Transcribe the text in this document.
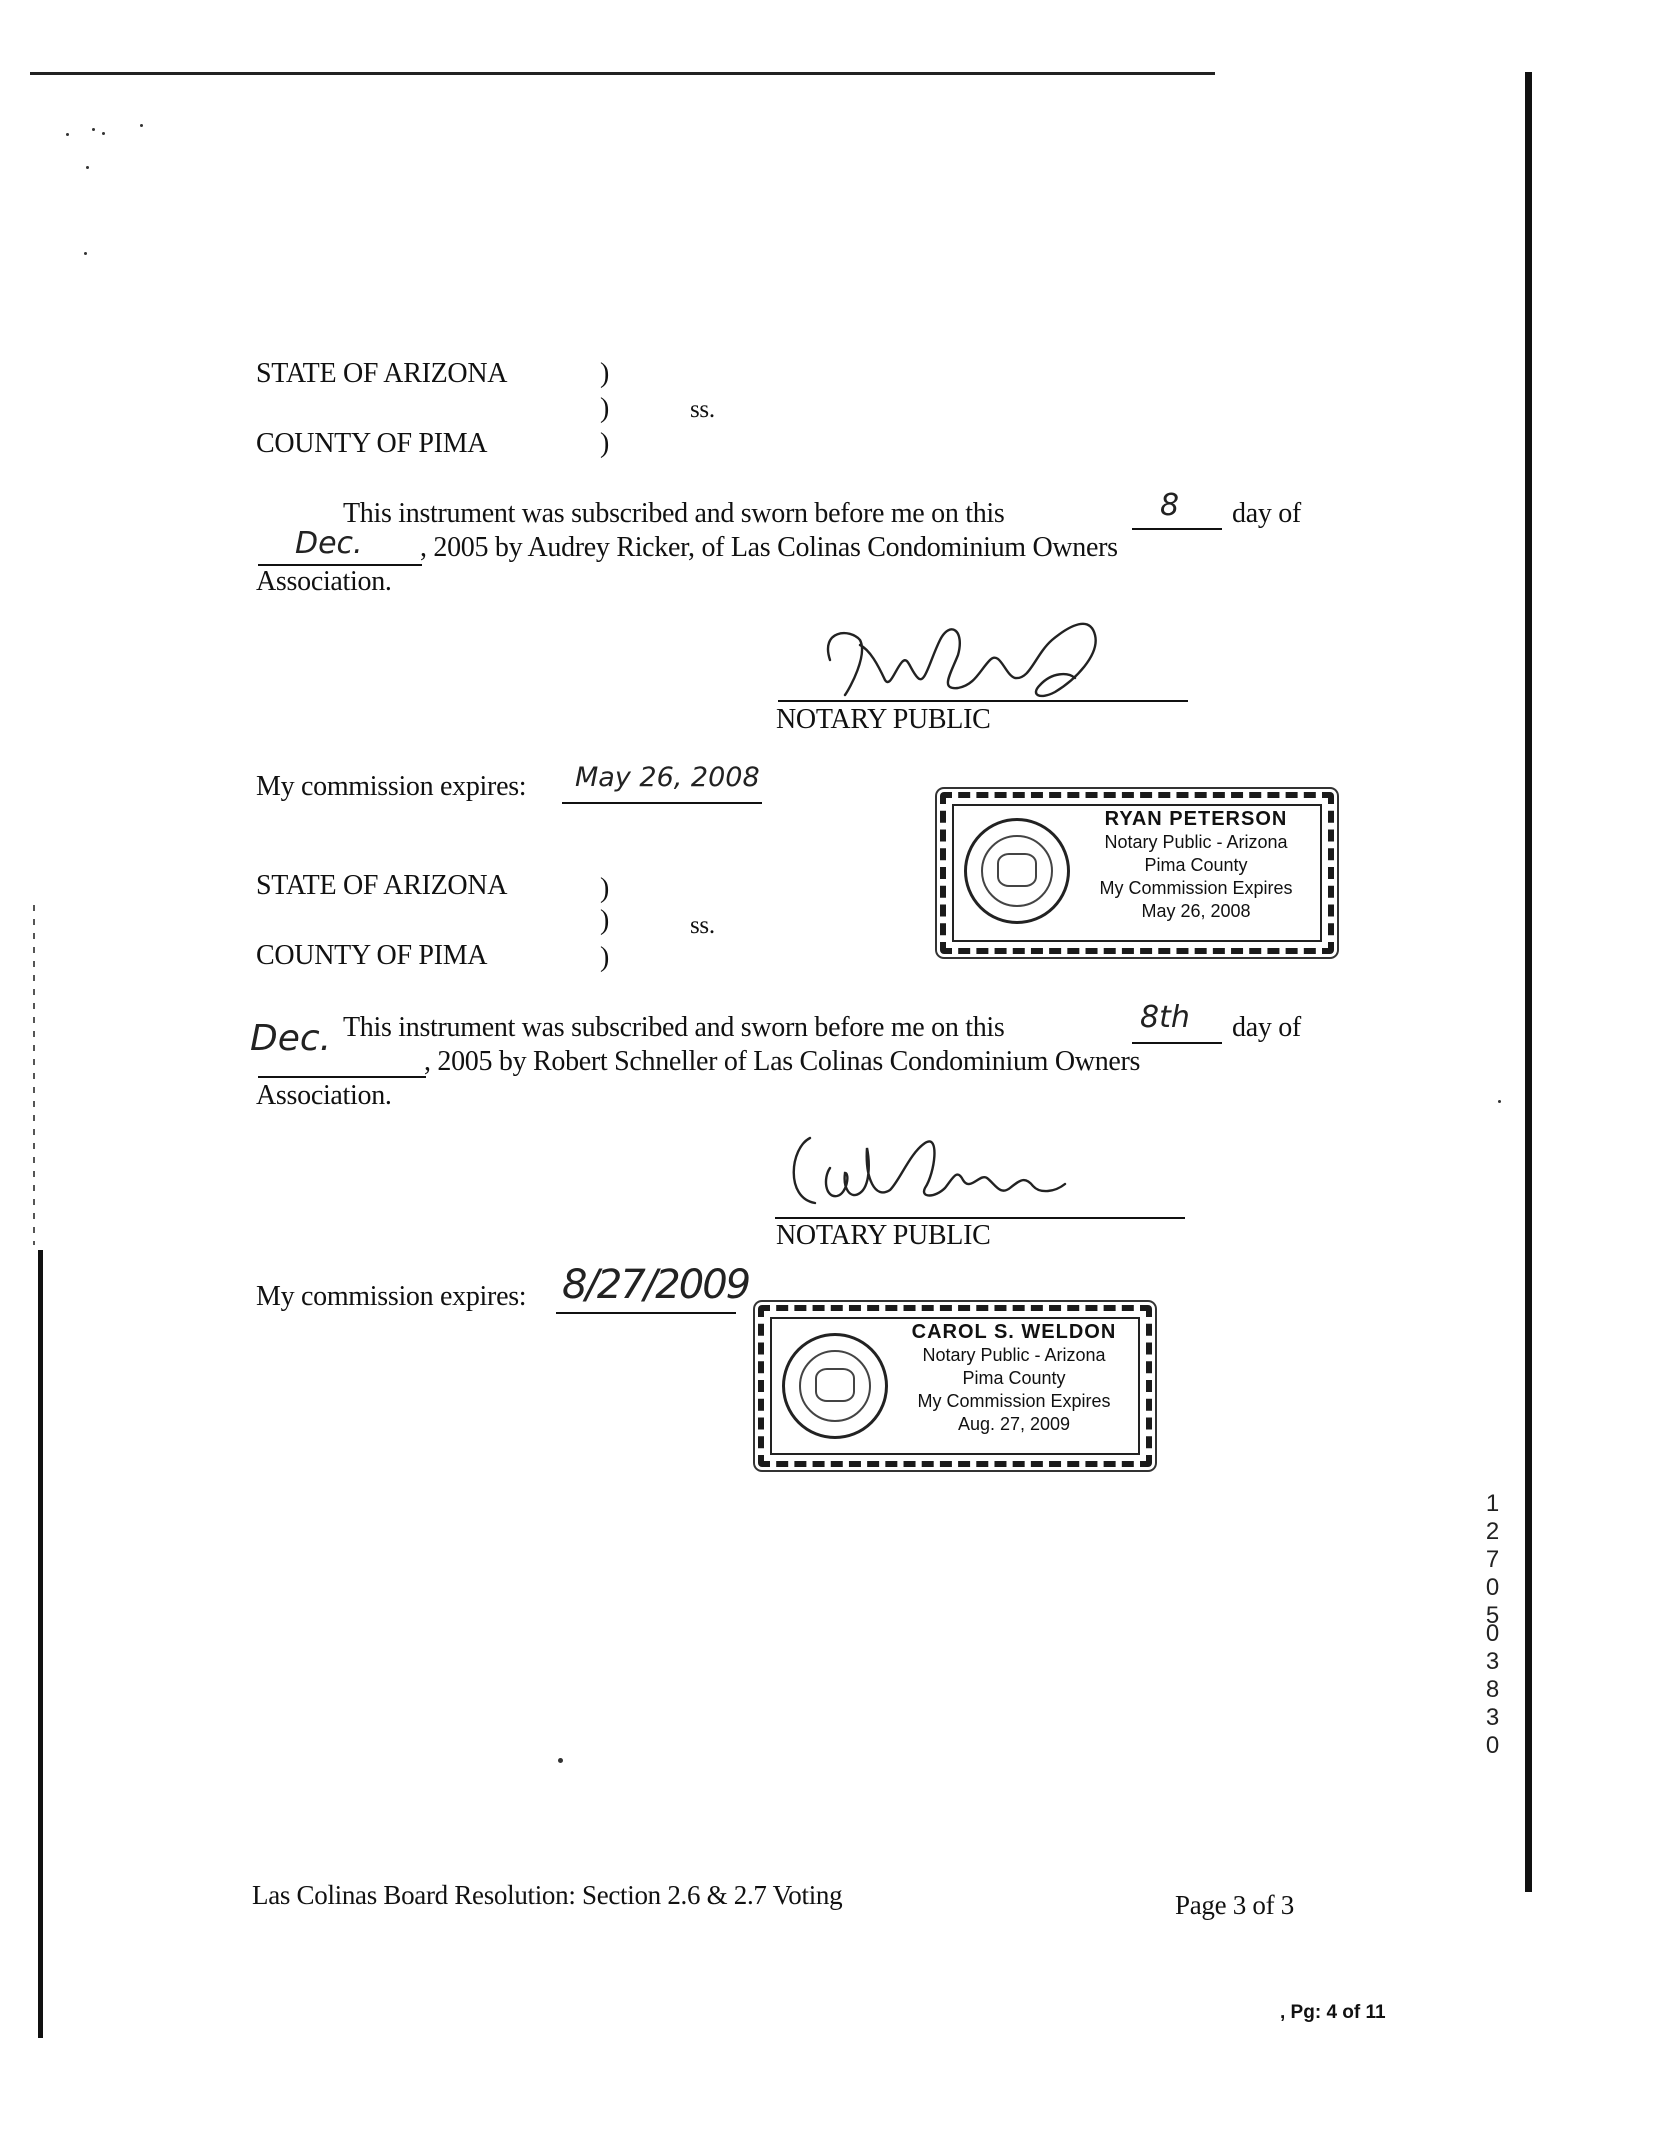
STATE OF ARIZONA	)
)	ss.
COUNTY OF PIMA	)
This instrument was subscribed and sworn before me on this	8 day of
Dec. , 2005 by Audrey Ricker, of Las Colinas Condominium Owners
Association.
NOTARY PUBLIC
My commission expires: May 26, 2008
RYAN PETERSON
Notary Public - Arizona
Pima County
My Commission Expires
May 26, 2008
STATE OF ARIZONA	)
)	ss.
COUNTY OF PIMA	)
This instrument was subscribed and sworn before me on this	8th day of
Dec.
, 2005 by Robert Schneller of Las Colinas Condominium Owners
Association.
NOTARY PUBLIC
My commission expires: 8/27/2009
CAROL S. WELDON
Notary Public - Arizona
Pima County
My Commission Expires
Aug. 27, 2009
12705
03830
Las Colinas Board Resolution: Section 2.6 & 2.7 Voting	Page 3 of 3
, Pg: 4 of 11
